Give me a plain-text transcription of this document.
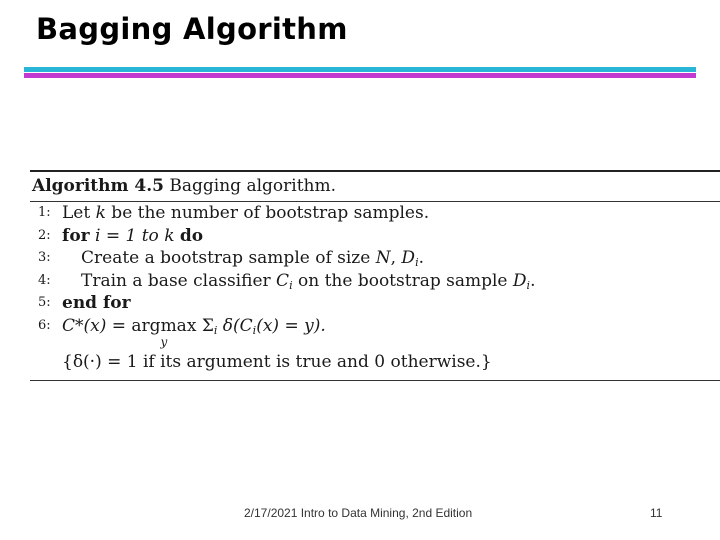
Bagging Algorithm
Algorithm 4.5 Bagging algorithm.
1: Let k be the number of bootstrap samples.
2: for i = 1 to k do
3:	Create a bootstrap sample of size N, Di.
4:	Train a base classifier Ci on the bootstrap sample Di.
5: end for
6: C*(x) = argmax
y
Σi δ(Ci(x) = y).
{δ(·) = 1 if its argument is true and 0 otherwise.}
2/17/2021 Intro to Data Mining, 2nd Edition	11
